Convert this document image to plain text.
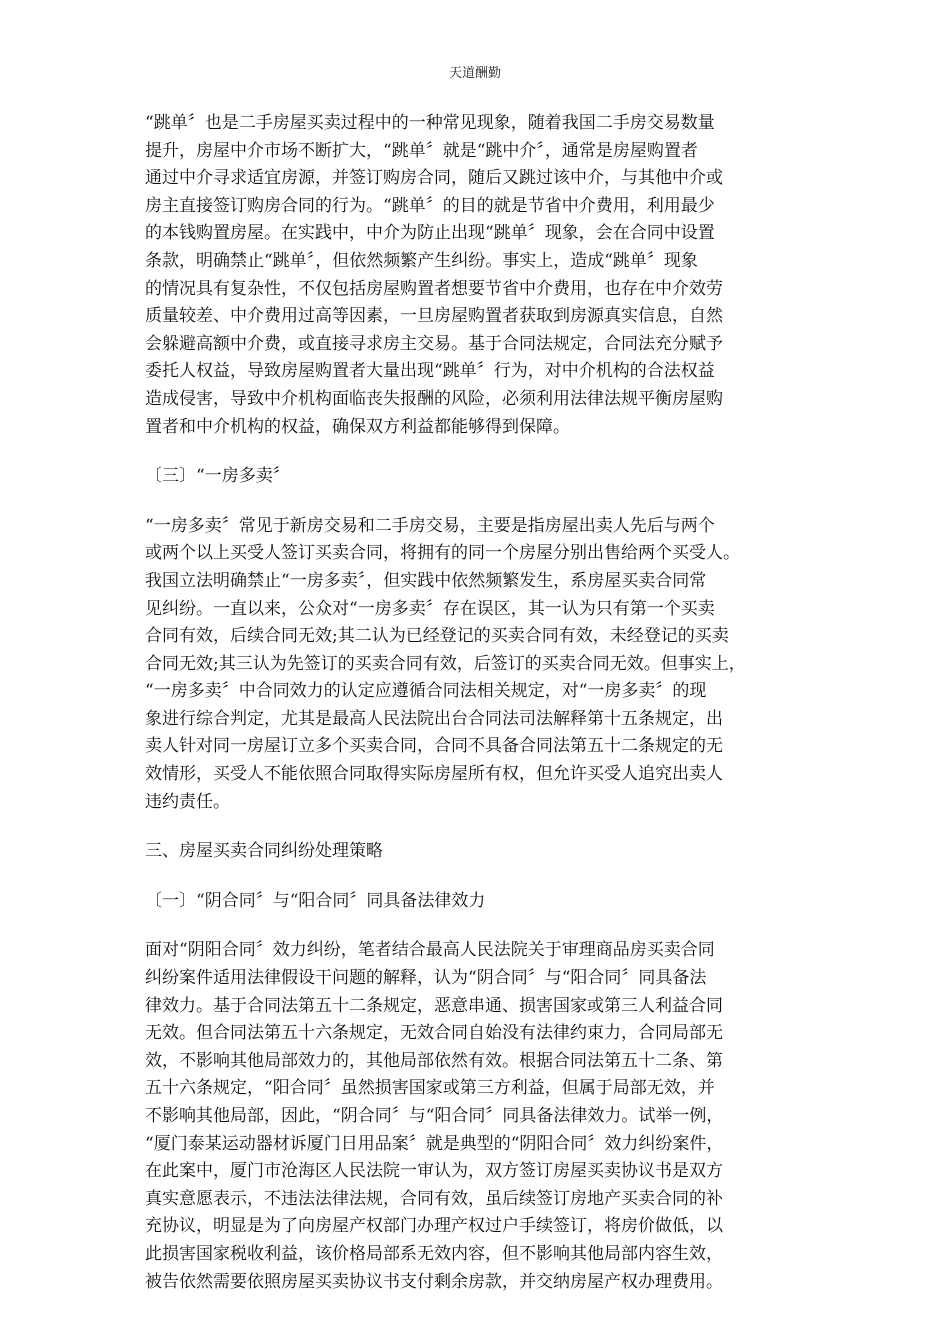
天道酬勤
“跳单〞也是二手房屋买卖过程中的一种常见现象，随着我国二手房交易数量
提升，房屋中介市场不断扩大，“跳单〞就是“跳中介〞，通常是房屋购置者
通过中介寻求适宜房源，并签订购房合同，随后又跳过该中介，与其他中介或
房主直接签订购房合同的行为。“跳单〞的目的就是节省中介费用，利用最少
的本钱购置房屋。在实践中，中介为防止出现“跳单〞现象，会在合同中设置
条款，明确禁止“跳单〞，但依然频繁产生纠纷。事实上，造成“跳单〞现象
的情况具有复杂性，不仅包括房屋购置者想要节省中介费用，也存在中介效劳
质量较差、中介费用过高等因素，一旦房屋购置者获取到房源真实信息，自然
会躲避高额中介费，或直接寻求房主交易。基于合同法规定，合同法充分赋予
委托人权益，导致房屋购置者大量出现“跳单〞行为，对中介机构的合法权益
造成侵害，导致中介机构面临丧失报酬的风险，必须利用法律法规平衡房屋购
置者和中介机构的权益，确保双方利益都能够得到保障。
〔三〕“一房多卖〞
“一房多卖〞常见于新房交易和二手房交易，主要是指房屋出卖人先后与两个
或两个以上买受人签订买卖合同，将拥有的同一个房屋分别出售给两个买受人。
我国立法明确禁止“一房多卖〞，但实践中依然频繁发生，系房屋买卖合同常
见纠纷。一直以来，公众对“一房多卖〞存在误区，其一认为只有第一个买卖
合同有效，后续合同无效;其二认为已经登记的买卖合同有效，未经登记的买卖
合同无效;其三认为先签订的买卖合同有效，后签订的买卖合同无效。但事实上，
“一房多卖〞中合同效力的认定应遵循合同法相关规定，对“一房多卖〞的现
象进行综合判定，尤其是最高人民法院出台合同法司法解释第十五条规定，出
卖人针对同一房屋订立多个买卖合同，合同不具备合同法第五十二条规定的无
效情形，买受人不能依照合同取得实际房屋所有权，但允许买受人追究出卖人
违约责任。
三、房屋买卖合同纠纷处理策略
〔一〕“阴合同〞与“阳合同〞同具备法律效力
面对“阴阳合同〞效力纠纷，笔者结合最高人民法院关于审理商品房买卖合同
纠纷案件适用法律假设干问题的解释，认为“阴合同〞与“阳合同〞同具备法
律效力。基于合同法第五十二条规定，恶意串通、损害国家或第三人利益合同
无效。但合同法第五十六条规定，无效合同自始没有法律约束力，合同局部无
效，不影响其他局部效力的，其他局部依然有效。根据合同法第五十二条、第
五十六条规定，“阳合同〞虽然损害国家或第三方利益，但属于局部无效，并
不影响其他局部，因此，“阴合同〞与“阳合同〞同具备法律效力。试举一例，
“厦门泰某运动器材诉厦门日用品案〞就是典型的“阴阳合同〞效力纠纷案件，
在此案中，厦门市沧海区人民法院一审认为，双方签订房屋买卖协议书是双方
真实意愿表示，不违法法律法规，合同有效，虽后续签订房地产买卖合同的补
充协议，明显是为了向房屋产权部门办理产权过户手续签订，将房价做低，以
此损害国家税收利益，该价格局部系无效内容，但不影响其他局部内容生效，
被告依然需要依照房屋买卖协议书支付剩余房款，并交纳房屋产权办理费用。
